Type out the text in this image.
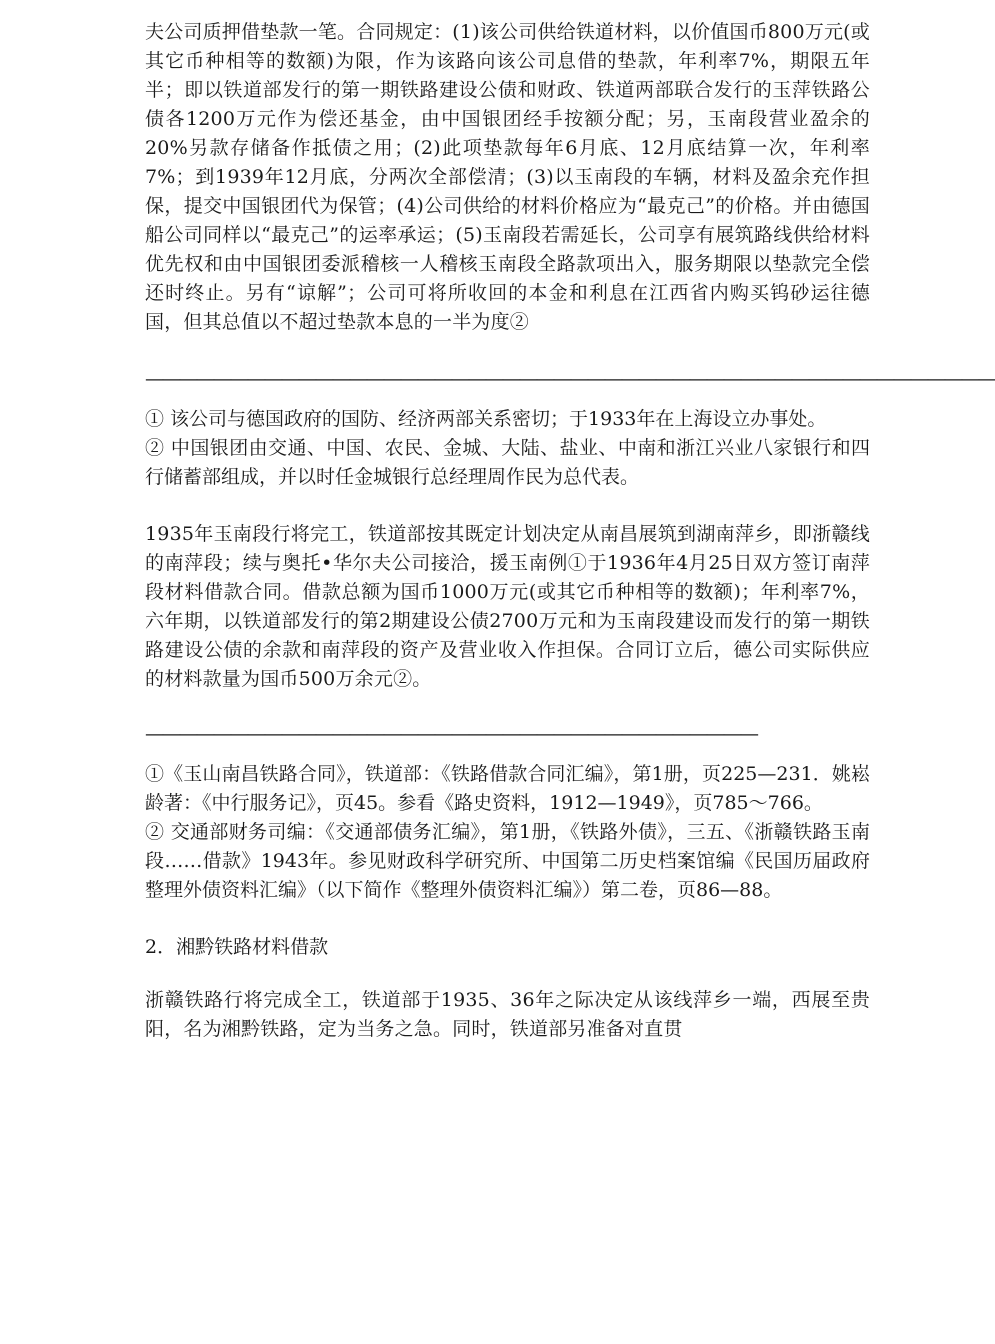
夫公司质押借垫款一笔。合同规定：(1)该公司供给铁道材料，以价值国币800万元(或其它币种相等的数额)为限，作为该路向该公司息借的垫款，年利率7%，期限五年半；即以铁道部发行的第一期铁路建设公债和财政、铁道两部联合发行的玉萍铁路公债各1200万元作为偿还基金，由中国银团经手按额分配；另，玉南段营业盈余的20%另款存储备作抵债之用；(2)此项垫款每年6月底、12月底结算一次，年利率7%；到1939年12月底，分两次全部偿清；(3)以玉南段的车辆，材料及盈余充作担保，提交中国银团代为保管；(4)公司供给的材料价格应为“最克己”的价格。并由德国船公司同样以“最克己”的运率承运；(5)玉南段若需延长，公司享有展筑路线供给材料优先权和由中国银团委派稽核一人稽核玉南段全路款项出入，服务期限以垫款完全偿还时终止。另有“谅解”；公司可将所收回的本金和利息在江西省内购买钨砂运往德国，但其总值以不超过垫款本息的一半为度②

——————————————————————————————————————————————————

① 该公司与德国政府的国防、经济两部关系密切；于1933年在上海设立办事处。

② 中国银团由交通、中国、农民、金城、大陆、盐业、中南和浙江兴业八家银行和四行储蓄部组成，并以时任金城银行总经理周作民为总代表。

1935年玉南段行将完工，铁道部按其既定计划决定从南昌展筑到湖南萍乡，即浙赣线的南萍段；续与奥托•华尔夫公司接洽，援玉南例①于1936年4月25日双方签订南萍段材料借款合同。借款总额为国币1000万元(或其它币种相等的数额)；年利率7%，六年期，以铁道部发行的第2期建设公债2700万元和为玉南段建设而发行的第一期铁路建设公债的余款和南萍段的资产及营业收入作担保。合同订立后，德公司实际供应的材料款量为国币500万余元②。

————————————————————————————————————

①《玉山南昌铁路合同》，铁道部：《铁路借款合同汇编》，第1册，页225—231．姚崧龄著：《中行服务记》，页45。参看《路史资料，1912—1949》，页785～766。

② 交通部财务司编：《交通部债务汇编》，第1册，《铁路外债》，三五、《浙赣铁路玉南段……借款》1943年。参见财政科学研究所、中国第二历史档案馆编《民国历届政府整理外债资料汇编》（以下简作《整理外债资料汇编》）第二卷，页86—88。

2．湘黔铁路材料借款

浙赣铁路行将完成全工，铁道部于1935、36年之际决定从该线萍乡一端，西展至贵阳，名为湘黔铁路，定为当务之急。同时，铁道部另准备对直贯
